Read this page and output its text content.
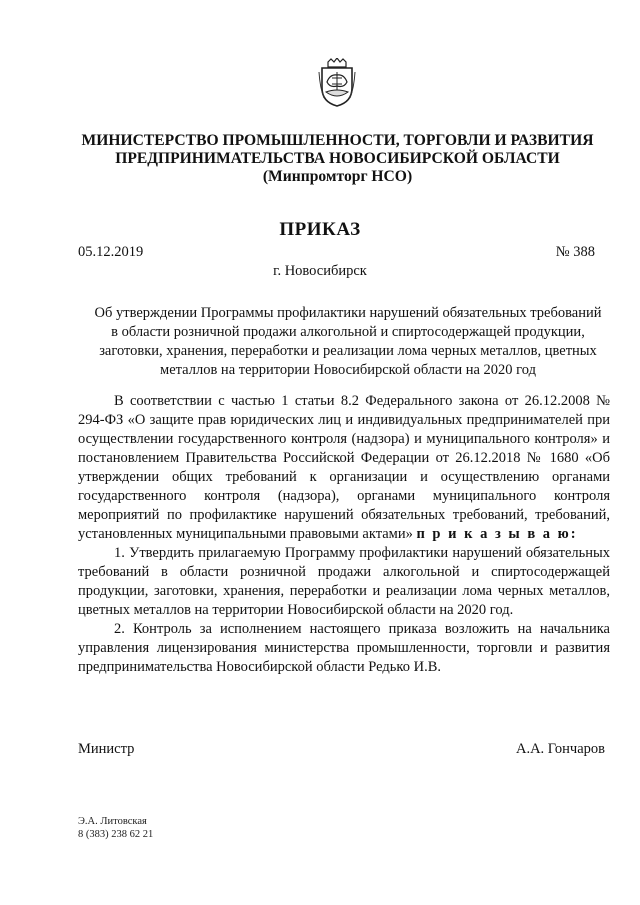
МИНИСТЕРСТВО ПРОМЫШЛЕННОСТИ, ТОРГОВЛИ И РАЗВИТИЯ
ПРЕДПРИНИМАТЕЛЬСТВА НОВОСИБИРСКОЙ ОБЛАСТИ
(Минпромторг НСО)
ПРИКАЗ
05.12.2019	№ 388
г. Новосибирск
Об утверждении Программы профилактики нарушений обязательных требований в области розничной продажи алкогольной и спиртосодержащей продукции, заготовки, хранения, переработки и реализации лома черных металлов, цветных металлов на территории Новосибирской области на 2020 год

В соответствии с частью 1 статьи 8.2 Федерального закона от 26.12.2008 № 294-ФЗ «О защите прав юридических лиц и индивидуальных предпринимателей при осуществлении государственного контроля (надзора) и муниципального контроля» и постановлением Правительства Российской Федерации от 26.12.2018 № 1680 «Об утверждении общих требований к организации и осуществлению органами государственного контроля (надзора), органами муниципального контроля мероприятий по профилактике нарушений обязательных требований, требований, установленных муниципальными правовыми актами» п р и к а з ы в а ю:

1. Утвердить прилагаемую Программу профилактики нарушений обязательных требований в области розничной продажи алкогольной и спиртосодержащей продукции, заготовки, хранения, переработки и реализации лома черных металлов, цветных металлов на территории Новосибирской области на 2020 год.

2. Контроль за исполнением настоящего приказа возложить на начальника управления лицензирования министерства промышленности, торговли и развития предпринимательства Новосибирской области Редько И.В.

Министр	А.А. Гончаров
Э.А. Литовская
8 (383) 238 62 21
